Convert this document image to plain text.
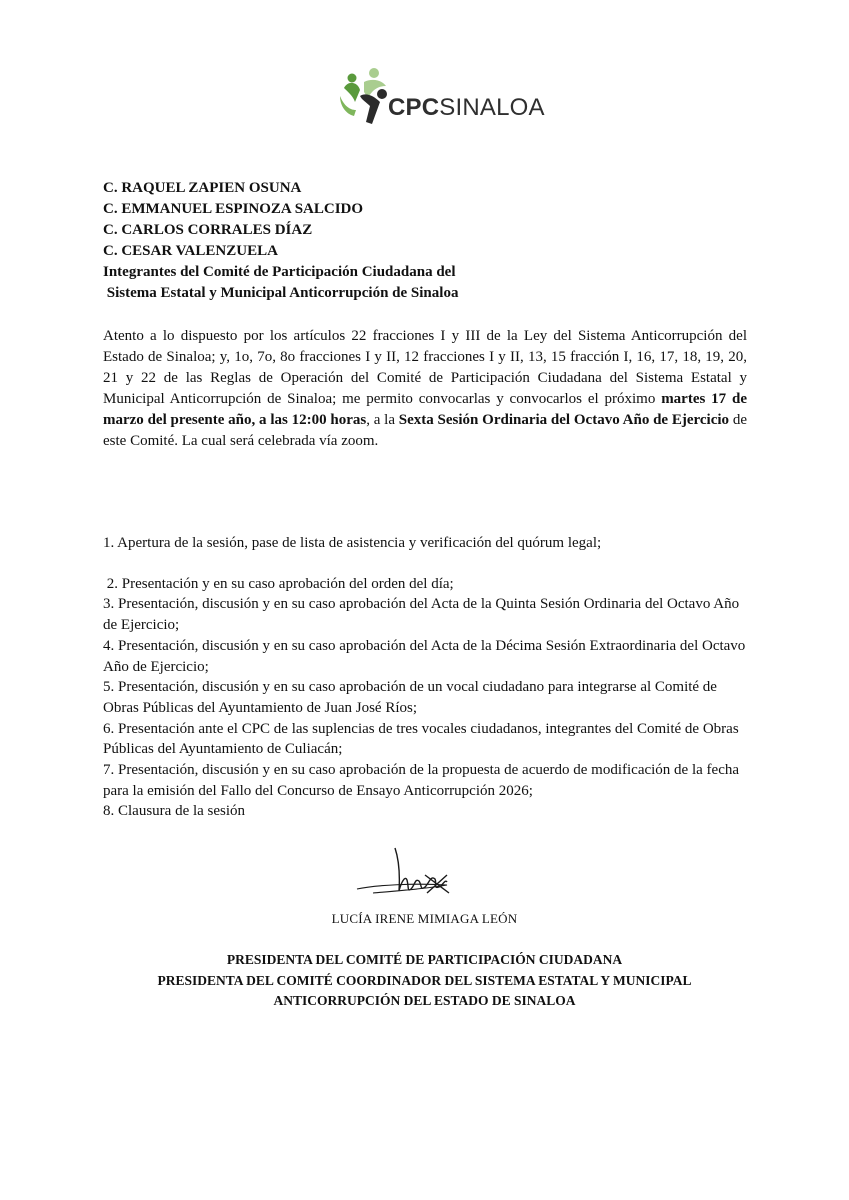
CPCSINALOA
C. RAQUEL ZAPIEN OSUNA
C. EMMANUEL ESPINOZA SALCIDO
C. CARLOS CORRALES DÍAZ
C. CESAR VALENZUELA
Integrantes del Comité de Participación Ciudadana del
Sistema Estatal y Municipal Anticorrupción de Sinaloa
Atento a lo dispuesto por los artículos 22 fracciones I y III de la Ley del Sistema Anticorrupción del Estado de Sinaloa; y, 1o, 7o, 8o fracciones I y II, 12 fracciones I y II, 13, 15 fracción I, 16, 17, 18, 19, 20, 21 y 22 de las Reglas de Operación del Comité de Participación Ciudadana del Sistema Estatal y Municipal Anticorrupción de Sinaloa; me permito convocarlas y convocarlos el próximo martes 17 de marzo del presente año, a las 12:00 horas, a la Sexta Sesión Ordinaria del Octavo Año de Ejercicio de este Comité. La cual será celebrada vía zoom.
1. Apertura de la sesión, pase de lista de asistencia y verificación del quórum legal;
2. Presentación y en su caso aprobación del orden del día;
3. Presentación, discusión y en su caso aprobación del Acta de la Quinta Sesión Ordinaria del Octavo Año de Ejercicio;
4. Presentación, discusión y en su caso aprobación del Acta de la Décima Sesión Extraordinaria del Octavo Año de Ejercicio;
5. Presentación, discusión y en su caso aprobación de un vocal ciudadano para integrarse al Comité de Obras Públicas del Ayuntamiento de Juan José Ríos;
6. Presentación ante el CPC de las suplencias de tres vocales ciudadanos, integrantes del Comité de Obras Públicas del Ayuntamiento de Culiacán;
7. Presentación, discusión y en su caso aprobación de la propuesta de acuerdo de modificación de la fecha para la emisión del Fallo del Concurso de Ensayo Anticorrupción 2026;
8. Clausura de la sesión
LUCÍA IRENE MIMIAGA LEÓN
PRESIDENTA DEL COMITÉ DE PARTICIPACIÓN CIUDADANA
PRESIDENTA DEL COMITÉ COORDINADOR DEL SISTEMA ESTATAL Y MUNICIPAL
ANTICORRUPCIÓN DEL ESTADO DE SINALOA
